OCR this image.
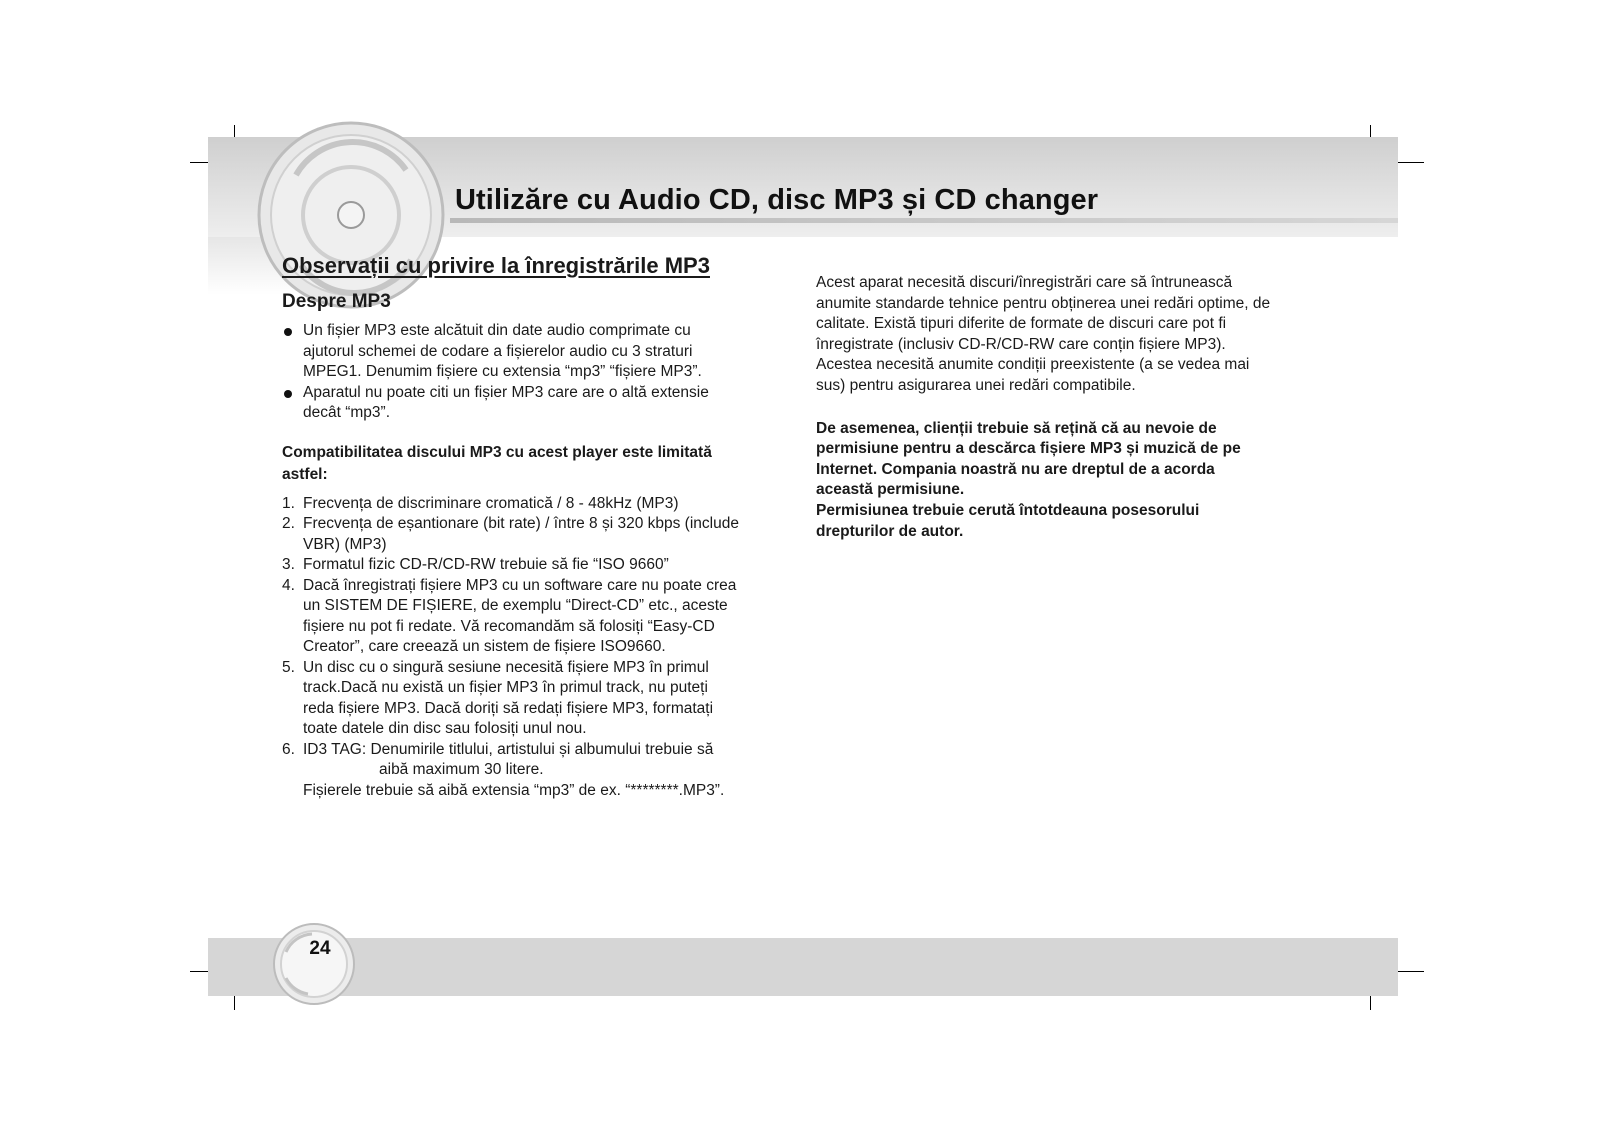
Utilizăre cu Audio CD, disc MP3 și CD changer
Observații cu privire la înregistrările MP3
Despre MP3
Un fișier MP3 este alcătuit din date audio comprimate cu
ajutorul schemei de codare a fișierelor audio cu 3 straturi
MPEG1. Denumim fișiere cu extensia “mp3” “fișiere MP3”.
Aparatul nu poate citi un fișier MP3 care are o altă extensie
decât “mp3”.

Compatibilitatea discului MP3 cu acest player este limitată
astfel:

1. Frecvența de discriminare cromatică / 8 - 48kHz (MP3)
2. Frecvența de eșantionare (bit rate) / între 8 și 320 kbps (include
VBR) (MP3)
3. Formatul fizic CD-R/CD-RW trebuie să fie “ISO 9660”
4. Dacă înregistrați fișiere MP3 cu un software care nu poate crea
un SISTEM DE FIȘIERE, de exemplu “Direct-CD” etc., aceste
fișiere nu pot fi redate. Vă recomandăm să folosiți “Easy-CD
Creator”, care creează un sistem de fișiere ISO9660.
5. Un disc cu o singură sesiune necesită fișiere MP3 în primul
track.Dacă nu există un fișier MP3 în primul track, nu puteți
reda fișiere MP3. Dacă doriți să redați fișiere MP3, formatați
toate datele din disc sau folosiți unul nou.
6. ID3 TAG: Denumirile titlului, artistului și albumului trebuie să
aibă maximum 30 litere.
Fișierele trebuie să aibă extensia “mp3” de ex. “********.MP3”.

Acest aparat necesită discuri/înregistrări care să întrunească
anumite standarde tehnice pentru obținerea unei redări optime, de
calitate. Există tipuri diferite de formate de discuri care pot fi
înregistrate (inclusiv CD-R/CD-RW care conțin fișiere MP3).
Acestea necesită anumite condiții preexistente (a se vedea mai
sus) pentru asigurarea unei redări compatibile.

De asemenea, clienții trebuie să rețină că au nevoie de
permisiune pentru a descărca fișiere MP3 și muzică de pe
Internet. Compania noastră nu are dreptul de a acorda
această permisiune.
Permisiunea trebuie cerută întotdeauna posesorului
drepturilor de autor.

24
